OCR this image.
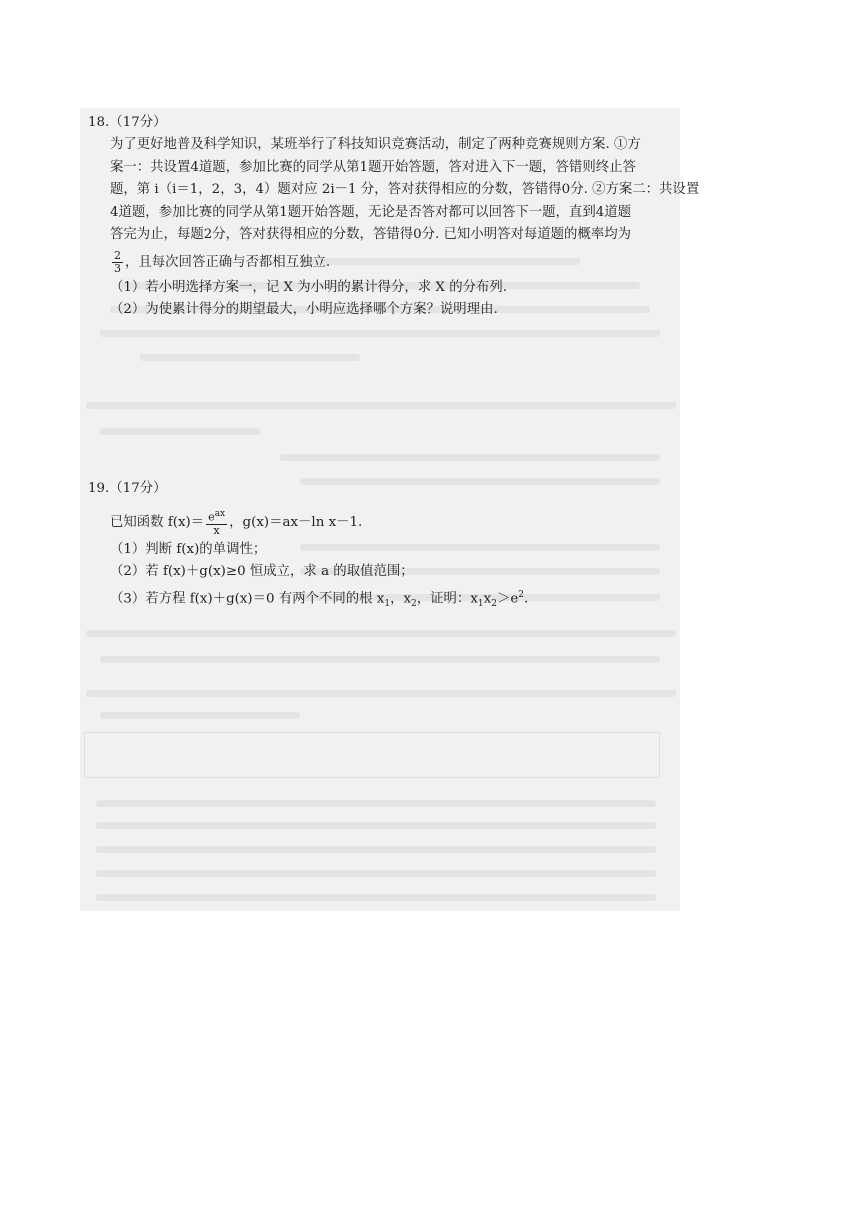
18.（17分）
为了更好地普及科学知识，某班举行了科技知识竞赛活动，制定了两种竞赛规则方案. ①方
案一：共设置4道题，参加比赛的同学从第1题开始答题，答对进入下一题，答错则终止答
题，第 i（i＝1，2，3，4）题对应 2i－1 分，答对获得相应的分数，答错得0分. ②方案二：共设置
4道题，参加比赛的同学从第1题开始答题，无论是否答对都可以回答下一题，直到4道题
答完为止，每题2分，答对获得相应的分数，答错得0分. 已知小明答对每道题的概率均为
$\frac{2}{3}$ ，且每次回答正确与否都相互独立.
（1）若小明选择方案一，记 X 为小明的累计得分，求 X 的分布列.
（2）为使累计得分的期望最大，小明应选择哪个方案？说明理由.
19.（17分）
已知函数 $f(x)= \frac{e^{ax}}{x}$ ，g(x)＝ax－ln x－1.
（1）判断 f(x)的单调性；
（2）若 f(x)＋g(x)≥0 恒成立，求 a 的取值范围；
（3）若方程 f(x)＋g(x)＝0 有两个不同的根 $x_1$，$x_2$，证明：$x_1x_2>e^2$.
